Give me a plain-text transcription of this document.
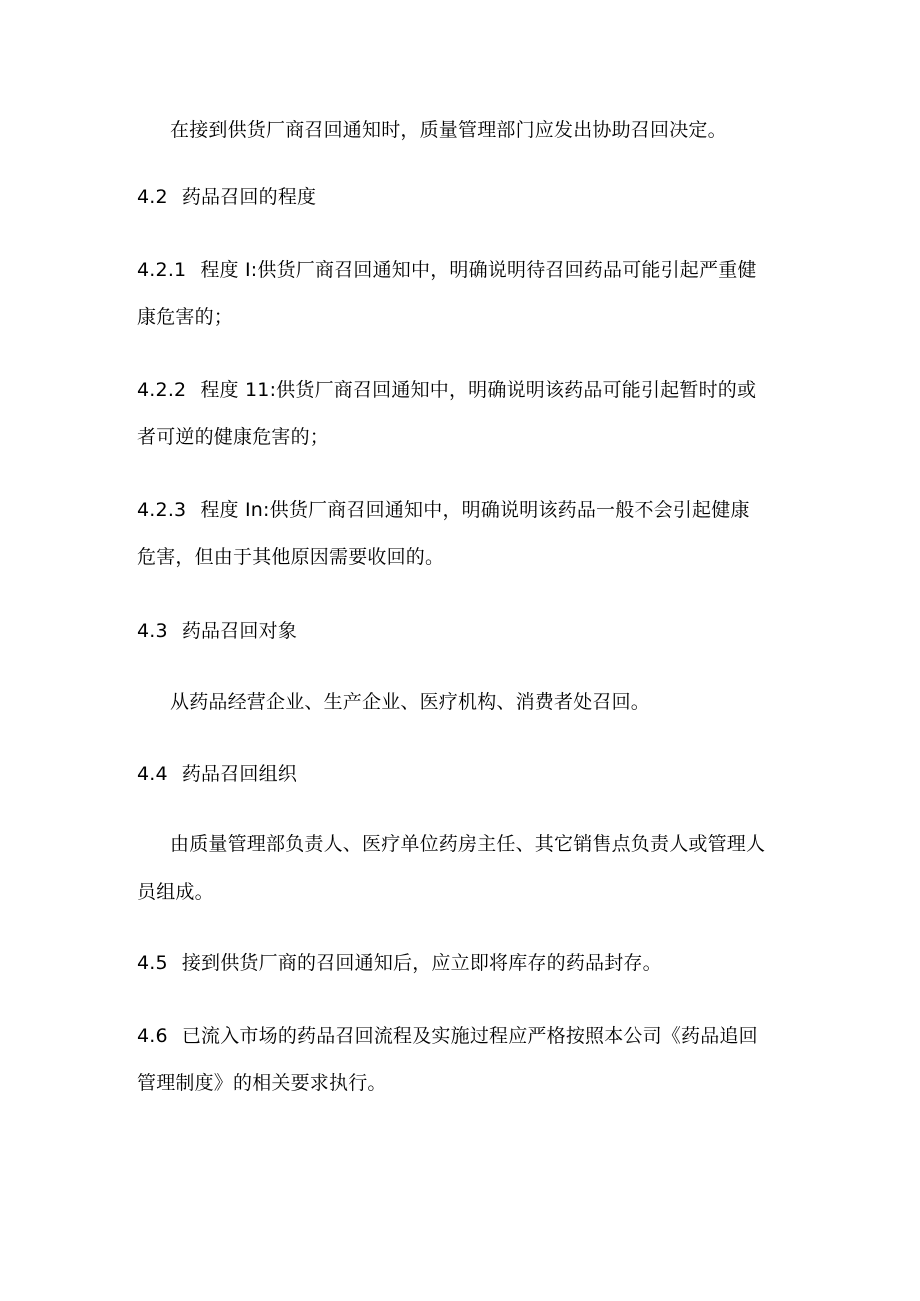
在接到供货厂商召回通知时，质量管理部门应发出协助召回决定。
4.2 药品召回的程度
4.2.1 程度 I:供货厂商召回通知中，明确说明待召回药品可能引起严重健
康危害的；
4.2.2 程度 11:供货厂商召回通知中，明确说明该药品可能引起暂时的或
者可逆的健康危害的；
4.2.3 程度 In:供货厂商召回通知中，明确说明该药品一般不会引起健康
危害，但由于其他原因需要收回的。
4.3 药品召回对象
从药品经营企业、生产企业、医疗机构、消费者处召回。
4.4 药品召回组织
由质量管理部负责人、医疗单位药房主任、其它销售点负责人或管理人
员组成。
4.5 接到供货厂商的召回通知后，应立即将库存的药品封存。
4.6 已流入市场的药品召回流程及实施过程应严格按照本公司《药品追回
管理制度》的相关要求执行。
